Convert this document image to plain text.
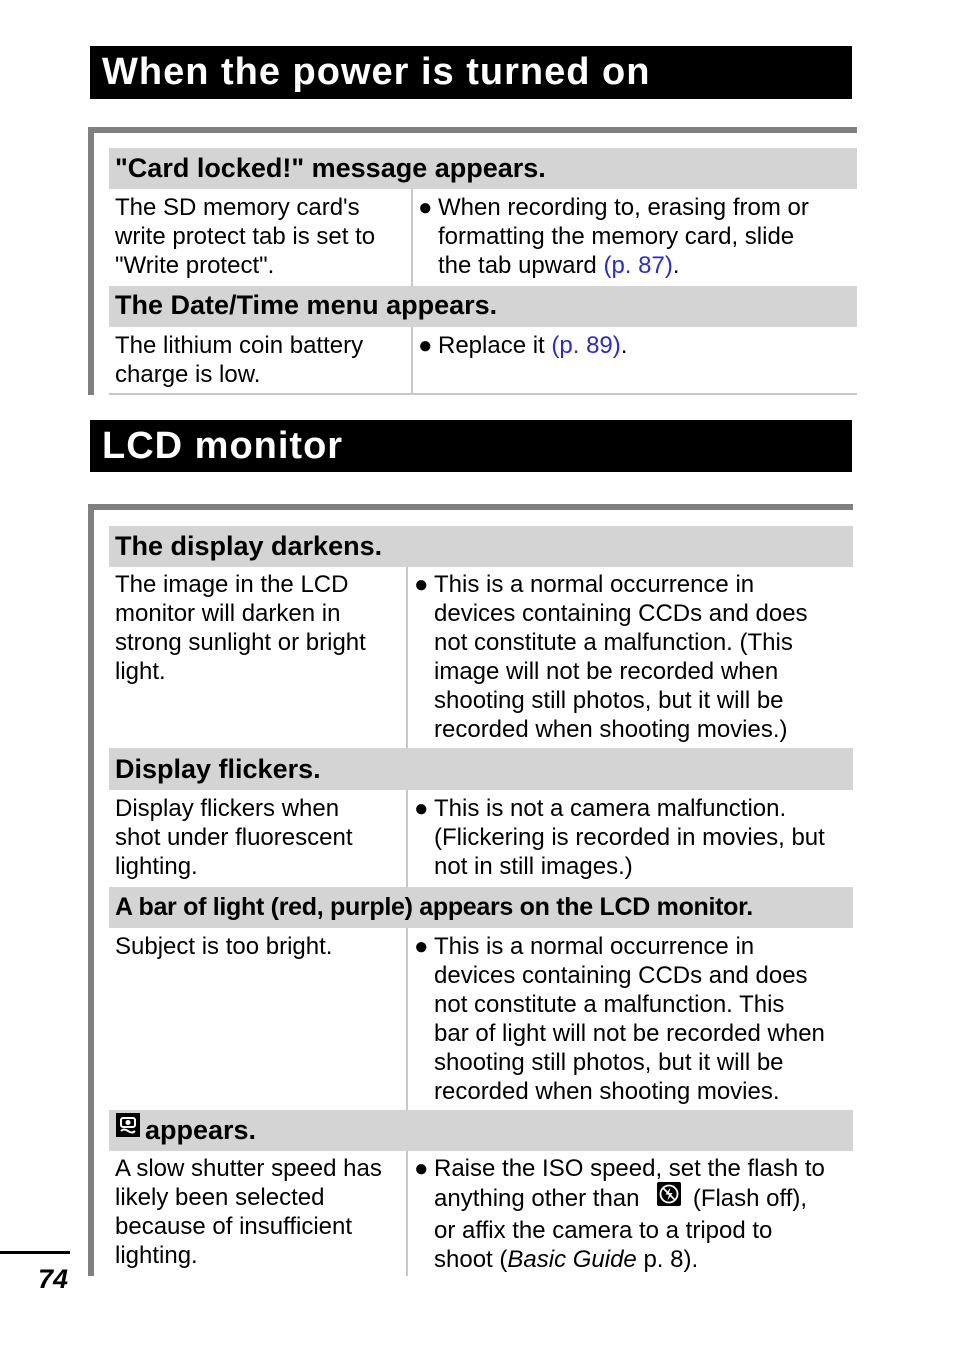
When the power is turned on
"Card locked!" message appears.
The SD memory card's
write protect tab is set to
"Write protect".
● When recording to, erasing from or
formatting the memory card, slide
the tab upward (p. 87).
The Date/Time menu appears.
The lithium coin battery
charge is low.
● Replace it (p. 89).
LCD monitor
The display darkens.
The image in the LCD
monitor will darken in
strong sunlight or bright
light.
● This is a normal occurrence in
devices containing CCDs and does
not constitute a malfunction. (This
image will not be recorded when
shooting still photos, but it will be
recorded when shooting movies.)
Display flickers.
Display flickers when
shot under fluorescent
lighting.
● This is not a camera malfunction.
(Flickering is recorded in movies, but
not in still images.)
A bar of light (red, purple) appears on the LCD monitor.
Subject is too bright.	● This is a normal occurrence in
devices containing CCDs and does
not constitute a malfunction. This
bar of light will not be recorded when
shooting still photos, but it will be
recorded when shooting movies.
appears.
A slow shutter speed has
likely been selected
because of insufficient
lighting.
● Raise the ISO speed, set the flash to
anything other than  (Flash off),
or affix the camera to a tripod to
shoot (Basic Guide p. 8).
74
